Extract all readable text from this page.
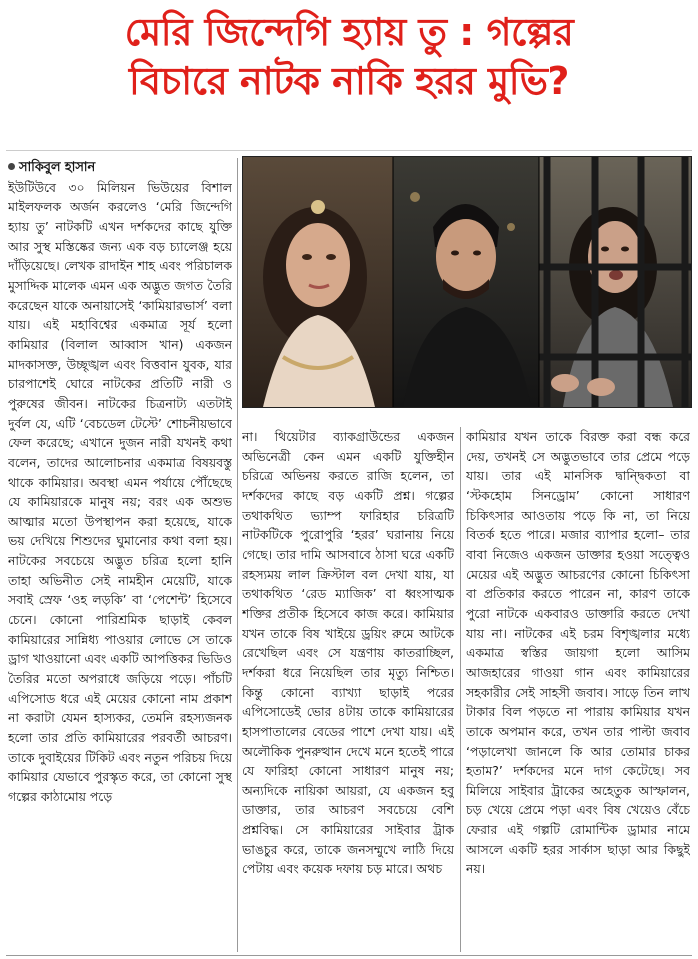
মেরি জিন্দেগি হ্যায় তু : গল্পের
বিচারে নাটক নাকি হরর মুভি?
সাকিবুল হাসান
ইউটিউবে ৩০ মিলিয়ন ভিউয়ের বিশাল মাইলফলক অর্জন করলেও ‘মেরি জিন্দেগি হ্যায় তু’ নাটকটি এখন দর্শকদের কাছে যুক্তি আর সুস্থ মস্তিষ্কের জন্য এক বড় চ্যালেঞ্জ হয়ে দাঁড়িয়েছে। লেখক রাদাইন শাহ এবং পরিচালক মুসাদ্দিক মালেক এমন এক অদ্ভুত জগত তৈরি করেছেন যাকে অনায়াসেই ‘কামিয়ারভার্স’ বলা যায়। এই মহাবিশ্বের একমাত্র সূর্য হলো কামিয়ার (বিলাল আব্বাস খান) একজন মাদকাসক্ত, উচ্ছৃঙ্খল এবং বিত্তবান যুবক, যার চারপাশেই ঘোরে নাটকের প্রতিটি নারী ও পুরুষের জীবন। নাটকের চিত্রনাট্য এতটাই দুর্বল যে, এটি ‘বেচডেল টেস্টে’ শোচনীয়ভাবে ফেল করেছে; এখানে দুজন নারী যখনই কথা বলেন, তাদের আলোচনার একমাত্র বিষয়বস্তু থাকে কামিয়ার। অবস্থা এমন পর্যায়ে পৌঁছেছে যে কামিয়ারকে মানুষ নয়; বরং এক অশুভ আত্মার মতো উপস্থাপন করা হয়েছে, যাকে ভয় দেখিয়ে শিশুদের ঘুমানোর কথা বলা হয়। নাটকের সবচেয়ে অদ্ভুত চরিত্র হলো হানি তাহা অভিনীত সেই নামহীন মেয়েটি, যাকে সবাই স্রেফ ‘ওহ লড়কি’ বা ‘পেশেন্ট’ হিসেবে চেনে। কোনো পারিশ্রমিক ছাড়াই কেবল কামিয়ারের সান্নিধ্য পাওয়ার লোভে সে তাকে ড্রাগ খাওয়ানো এবং একটি আপত্তিকর ভিডিও তৈরির মতো অপরাধে জড়িয়ে পড়ে। পাঁচটি এপিসোড ধরে এই মেয়ের কোনো নাম প্রকাশ না করাটা যেমন হাস্যকর, তেমনি রহস্যজনক হলো তার প্রতি কামিয়ারের পরবর্তী আচরণ। তাকে দুবাইয়ের টিকিট এবং নতুন পরিচয় দিয়ে কামিয়ার যেভাবে পুরস্কৃত করে, তা কোনো সুস্থ গল্পের কাঠামোয় পড়ে
না। থিয়েটার ব্যাকগ্রাউন্ডের একজন অভিনেত্রী কেন এমন একটি যুক্তিহীন চরিত্রে অভিনয় করতে রাজি হলেন, তা দর্শকদের কাছে বড় একটি প্রশ্ন। গল্পের তথাকথিত ভ্যাম্প ফারিহার চরিত্রটি নাটকটিকে পুরোপুরি ‘হরর’ ঘরানায় নিয়ে গেছে। তার দামি আসবাবে ঠাসা ঘরে একটি রহস্যময় লাল ক্রিস্টাল বল দেখা যায়, যা তথাকথিত ‘রেড ম্যাজিক’ বা ধ্বংসাত্মক শক্তির প্রতীক হিসেবে কাজ করে। কামিয়ার যখন তাকে বিষ খাইয়ে ড্রয়িং রুমে আটকে রেখেছিল এবং সে যন্ত্রণায় কাতরাচ্ছিল, দর্শকরা ধরে নিয়েছিল তার মৃত্যু নিশ্চিত। কিন্তু কোনো ব্যাখ্যা ছাড়াই পরের এপিসোডেই ভোর ৪টায় তাকে কামিয়ারের হাসপাতালের বেডের পাশে দেখা যায়। এই অলৌকিক পুনরুত্থান দেখে মনে হতেই পারে যে ফারিহা কোনো সাধারণ মানুষ নয়; অন্যদিকে নায়িকা আয়রা, যে একজন হবু ডাক্তার, তার আচরণ সবচেয়ে বেশি প্রশ্নবিদ্ধ। সে কামিয়ারের সাইবার ট্রাক ভাঙচুর করে, তাকে জনসম্মুখে লাঠি দিয়ে পেটায় এবং কয়েক দফায় চড় মারে। অথচ
কামিয়ার যখন তাকে বিরক্ত করা বন্ধ করে দেয়, তখনই সে অদ্ভুতভাবে তার প্রেমে পড়ে যায়। তার এই মানসিক দ্বান্দ্বিকতা বা ‘স্টকহোম সিনড্রোম’ কোনো সাধারণ চিকিৎসার আওতায় পড়ে কি না, তা নিয়ে বিতর্ক হতে পারে। মজার ব্যাপার হলো– তার বাবা নিজেও একজন ডাক্তার হওয়া সত্ত্বেও মেয়ের এই অদ্ভুত আচরণের কোনো চিকিৎসা বা প্রতিকার করতে পারেন না, কারণ তাকে পুরো নাটকে একবারও ডাক্তারি করতে দেখা যায় না। নাটকের এই চরম বিশৃঙ্খলার মধ্যে একমাত্র স্বস্তির জায়গা হলো আসিম আজহারের গাওয়া গান এবং কামিয়ারের সহকারীর সেই সাহসী জবাব। সাড়ে তিন লাখ টাকার বিল পড়তে না পারায় কামিয়ার যখন তাকে অপমান করে, তখন তার পাল্টা জবাব ‘পড়ালেখা জানলে কি আর তোমার চাকর হতাম?’ দর্শকদের মনে দাগ কেটেছে। সব মিলিয়ে সাইবার ট্রাকের অহেতুক আস্ফালন, চড় খেয়ে প্রেমে পড়া এবং বিষ খেয়েও বেঁচে ফেরার এই গল্পটি রোমান্টিক ড্রামার নামে আসলে একটি হরর সার্কাস ছাড়া আর কিছুই নয়।
